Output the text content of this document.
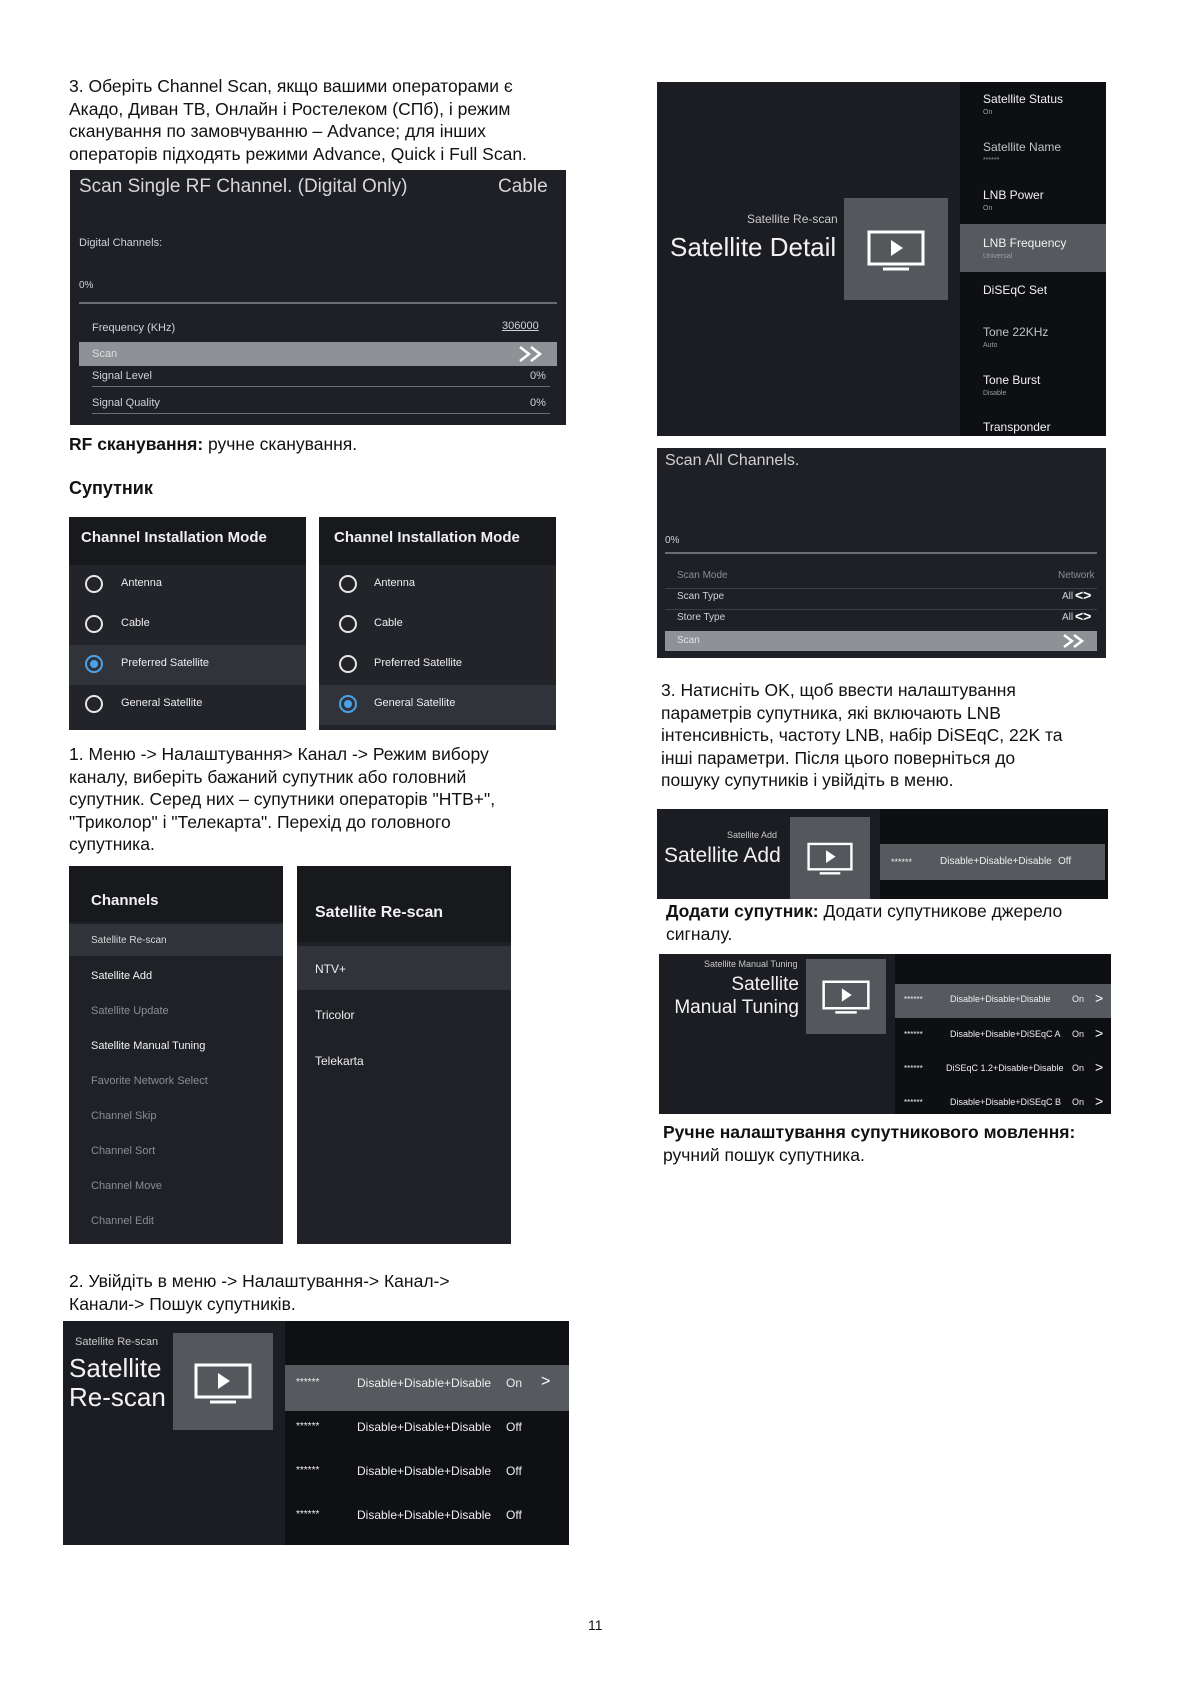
3. Оберіть Channel Scan, якщо вашими операторами є
Акадо, Диван ТВ, Онлайн і Ростелеком (СПб), і режим
сканування по замовчуванню – Advance; для інших
операторів підходять режими Advance, Quick і Full Scan.
Scan Single RF Channel. (Digital Only)	Cable
Digital Channels:
0%
Frequency (KHz)	306000
Scan
Signal Level	0%
Signal Quality	0%
RF сканування: ручне сканування.
Супутник
Channel Installation Mode
Antenna
Cable
Preferred Satellite
General Satellite
Channel Installation Mode
Antenna
Cable
Preferred Satellite
General Satellite
1. Меню -> Налаштування> Канал -> Режим вибору
каналу, виберіть бажаний супутник або головний
супутник. Серед них – супутники операторів "НТВ+",
"Триколор" і "Телекарта". Перехід до головного
супутника.
Channels
Satellite Re-scan
Satellite Add
Satellite Update
Satellite Manual Tuning
Favorite Network Select
Channel Skip
Channel Sort
Channel Move
Channel Edit
Satellite Re-scan
NTV+
Tricolor
Telekarta
2. Увійдіть в меню -> Налаштування-> Канал->
Канали-> Пошук супутників.
Satellite Re-scan
Satellite
Re-scan	******	Disable+Disable+Disable On >
******	Disable+Disable+Disable Off
******	Disable+Disable+Disable Off
******	Disable+Disable+Disable Off
Satellite Re-scan
Satellite Detail
Satellite Status
On
Satellite Name
******
LNB Power
On
LNB Frequency
Universal
DiSEqC Set
Tone 22KHz
Auto
Tone Burst
Disable
Transponder
Scan All Channels.
0%
Scan Mode	Network
Scan Type	All <>
Store Type	All <>
Scan
3. Натисніть OK, щоб ввести налаштування
параметрів супутника, які включають LNB
інтенсивність, частоту LNB, набір DiSEqC, 22K та
інші параметри. Після цього поверніться до
пошуку супутників і увійдіть в меню.
Satellite Add
Satellite Add	******	Disable+Disable+Disable Off
Додати супутник: Додати супутникове джерело
сигналу.
Satellite Manual Tuning
Satellite
Manual Tuning	******	Disable+Disable+Disable On >
******	Disable+Disable+DiSEqC A On >
******	DiSEqC 1.2+Disable+Disable On >
******	Disable+Disable+DiSEqC B On >
Ручне налаштування супутникового мовлення:
ручний пошук супутника.
11
